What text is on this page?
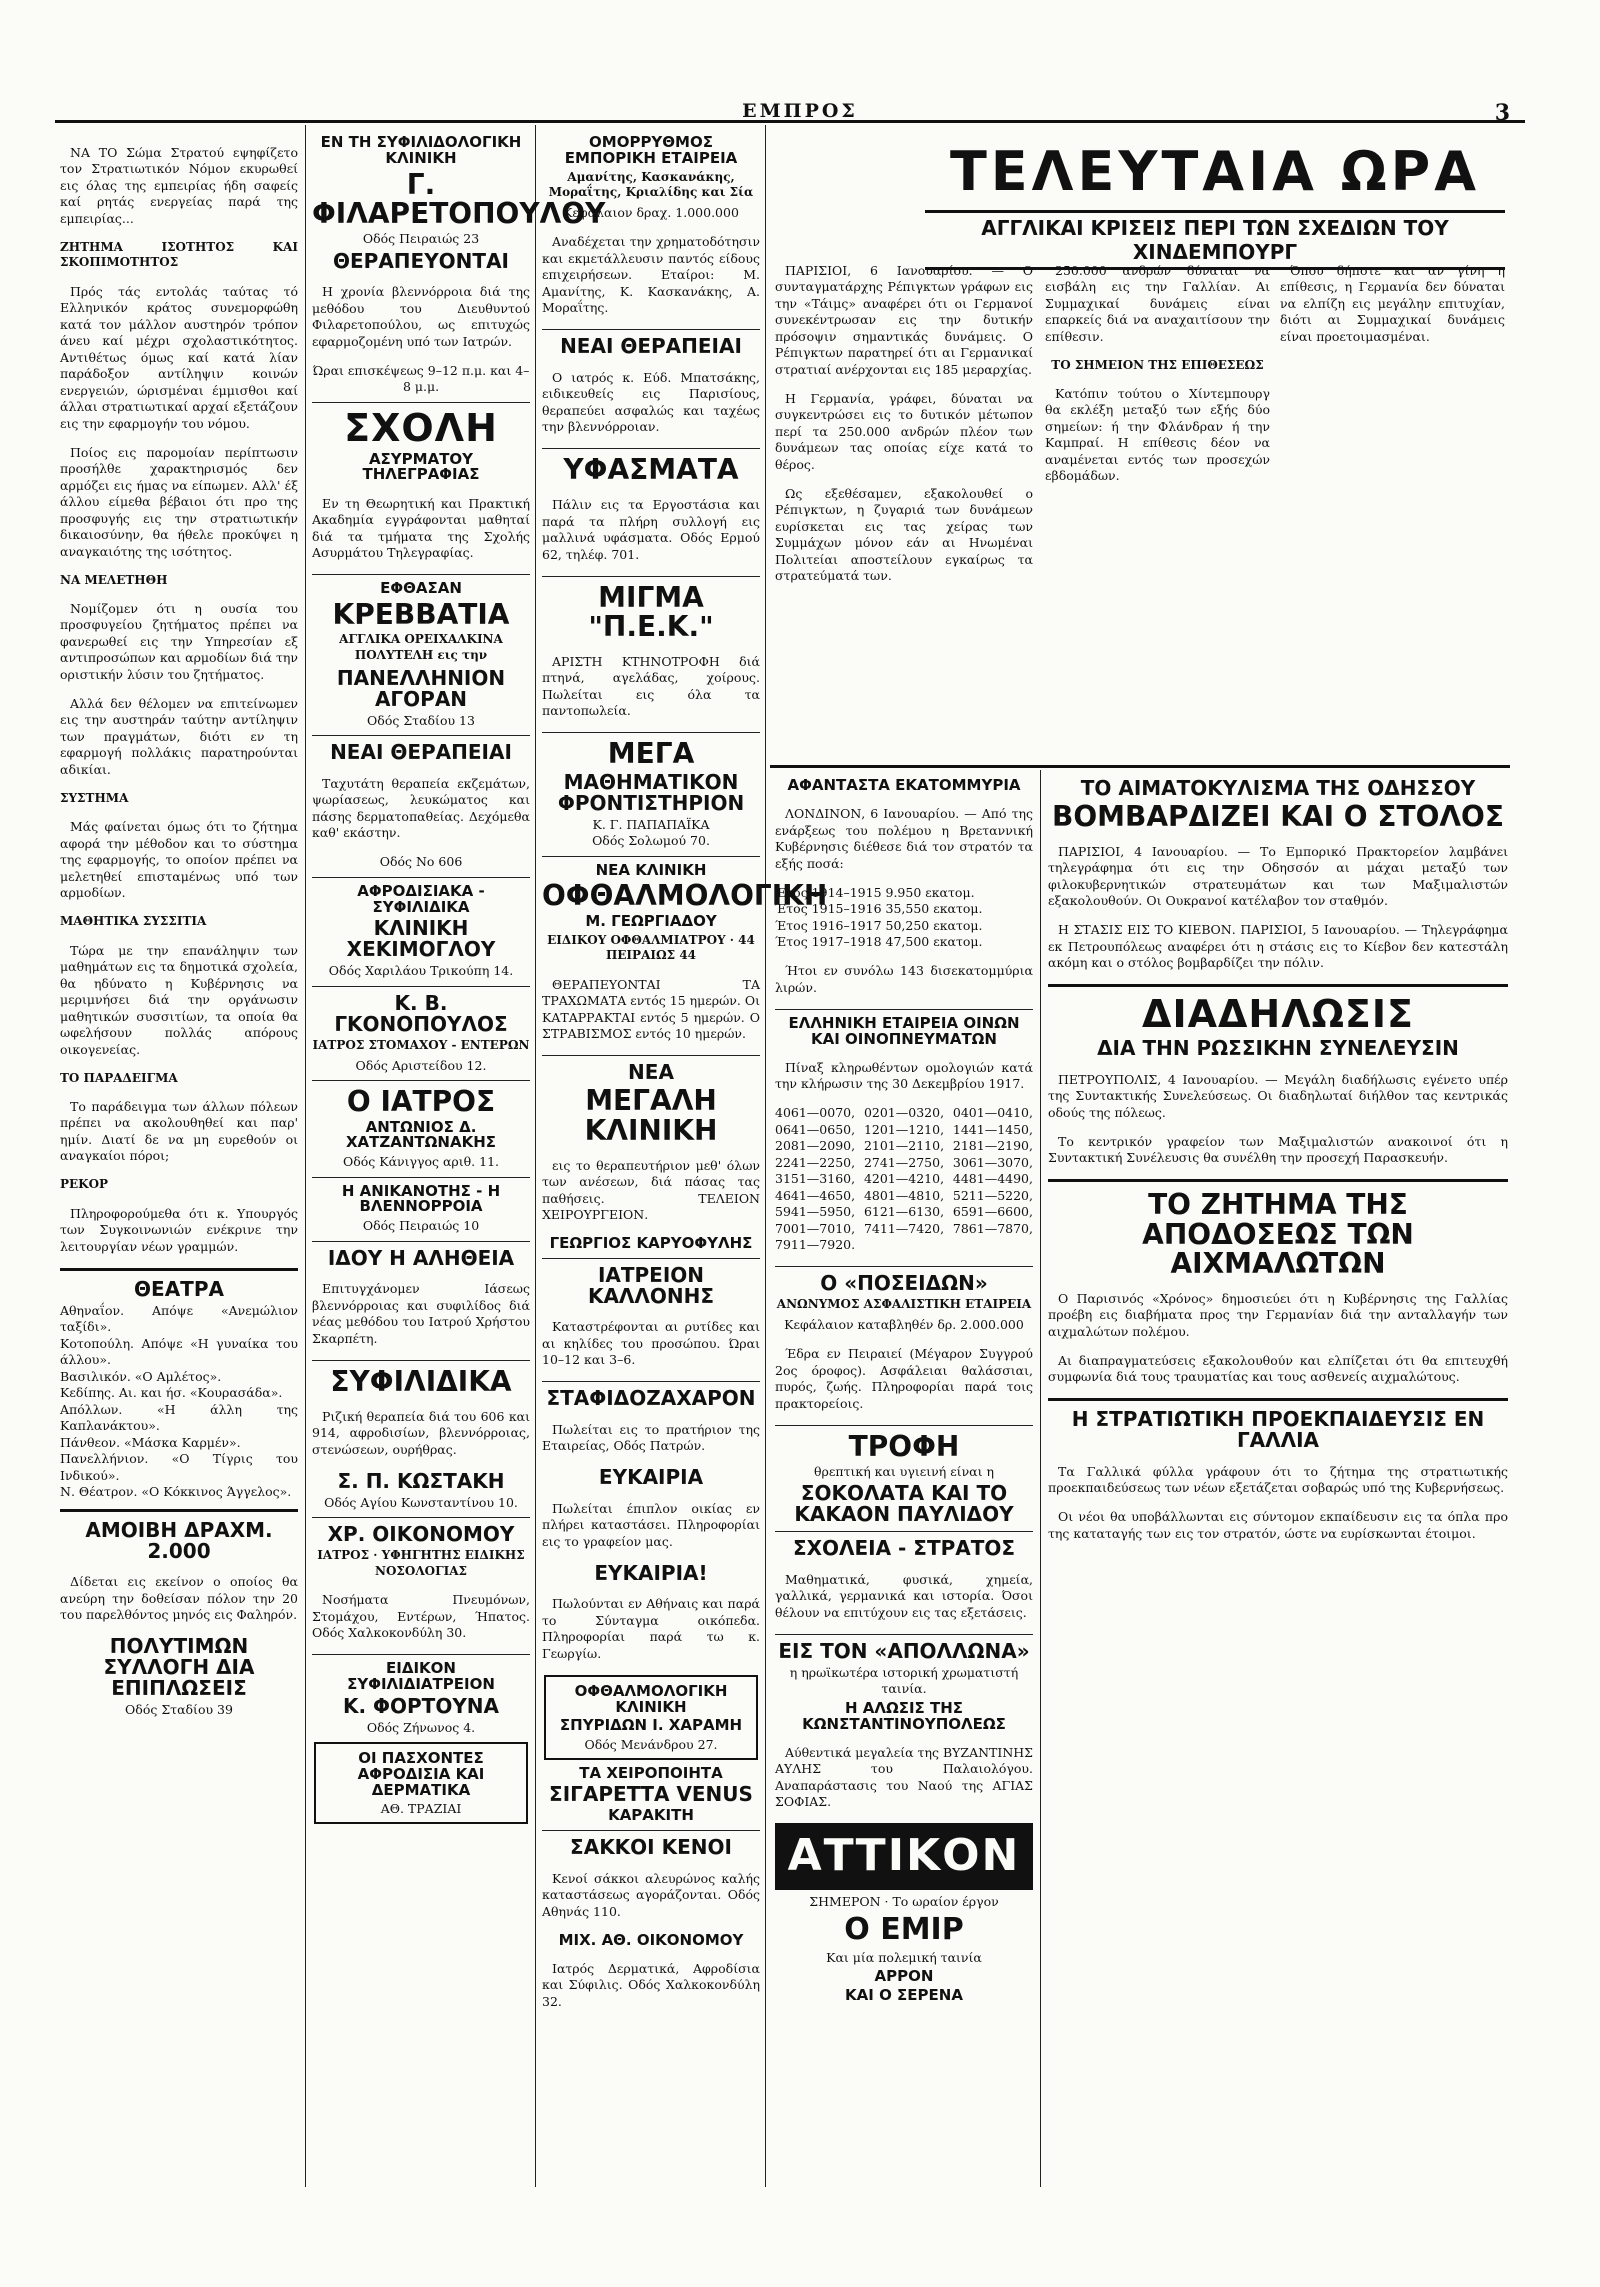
ΕΜΠΡΟΣ	3

ΝΑ ΤΟ Σώμα Στρατού εψηφίζετο τον Στρατιωτικόν Νόμον εκυρωθεί εις όλας της εμπειρίας ήδη σαφείς καί ρητάς ενεργείας παρά της εμπειρίας...

ΖΗΤΗΜΑ ΙΣΟΤΗΤΟΣ ΚΑΙ ΣΚΟΠΙΜΟΤΗΤΟΣ

Πρός τάς εντολάς ταύτας τό Ελληνικόν κράτος συνεμορφώθη κατά τον μάλλον αυστηρόν τρόπον άνευ καί μέχρι σχολαστικότητος. Αντιθέτως όμως καί κατά λίαν παράδοξον αντίληψιν κοινών ενεργειών, ώρισμέναι έμμισθοι καί άλλαι στρατιωτικαί αρχαί εξετάζουν εις την εφαρμογήν του νόμου.

Ποίος εις παρομοίαν περίπτωσιν προσήλθε χαρακτηρισμός δεν αρμόζει εις ήμας να είπωμεν. Αλλ' έξ άλλου είμεθα βέβαιοι ότι προ της προσφυγής εις την στρατιωτικήν δικαιοσύνην, θα ήθελε προκύψει η αναγκαιότης της ισότητος.

ΝΑ ΜΕΛΕΤΗΘΗ

Νομίζομεν ότι η ουσία του προσφυγείου ζητήματος πρέπει να φανερωθεί εις την Υπηρεσίαν εξ αντιπροσώπων και αρμοδίων διά την οριστικήν λύσιν του ζητήματος.

Αλλά δεν θέλομεν να επιτείνωμεν εις την αυστηράν ταύτην αντίληψιν των πραγμάτων, διότι εν τη εφαρμογή πολλάκις παρατηρούνται αδικίαι.

ΣΥΣΤΗΜΑ

Μάς φαίνεται όμως ότι το ζήτημα αφορά την μέθοδον και το σύστημα της εφαρμογής, το οποίον πρέπει να μελετηθεί επισταμένως υπό των αρμοδίων.

ΜΑΘΗΤΙΚΑ ΣΥΣΣΙΤΙΑ

Τώρα με την επανάληψιν των μαθημάτων εις τα δημοτικά σχολεία, θα ηδύνατο η Κυβέρνησις να μεριμνήσει διά την οργάνωσιν μαθητικών συσσιτίων, τα οποία θα ωφελήσουν πολλάς απόρους οικογενείας.

ΤΟ ΠΑΡΑΔΕΙΓΜΑ

Το παράδειγμα των άλλων πόλεων πρέπει να ακολουθηθεί και παρ' ημίν. Διατί δε να μη ευρεθούν οι αναγκαίοι πόροι;

ΡΕΚΟΡ

Πληροφορούμεθα ότι κ. Υπουργός των Συγκοινωνιών ενέκρινε την λειτουργίαν νέων γραμμών.

ΘΕΑΤΡΑ

Αθηναΐον. Απόψε «Ανεμώλιον ταξίδι».

Κοτοπούλη. Απόψε «Η γυναίκα του άλλου».

Βασιλικόν. «Ο Αμλέτος».

Κεδίπης. Αι. και ήσ. «Κουρασάδα».

Απόλλων. «Η άλλη της Καπλανάκτου».

Πάνθεον. «Μάσκα Καρμέν».

Πανελλήνιον. «Ο Τίγρις του Ινδικού».

Ν. Θέατρον. «Ο Κόκκινος Άγγελος».

ΑΜΟΙΒΗ ΔΡΑΧΜ. 2.000

Δίδεται εις εκείνον ο οποίος θα ανεύρη την δοθείσαν πόλον την 20 του παρελθόντος μηνός εις Φαληρόν.

ΠΟΛΥΤΙΜΩΝ ΣΥΛΛΟΓΗ ΔΙΑ ΕΠΙΠΛΩΣΕΙΣ
Οδός Σταδίου 39
ΕΝ ΤΗ ΣΥΦΙΛΙΔΟΛΟΓΙΚΗ ΚΛΙΝΙΚΗ
Γ. ΦΙΛΑΡΕΤΟΠΟΥΛΟΥ
Οδός Πειραιώς 23
ΘΕΡΑΠΕΥΟΝΤΑΙ

Η χρονία βλεννόρροια διά της μεθόδου του Διευθυντού Φιλαρετοπούλου, ως επιτυχώς εφαρμοζομένη υπό των Ιατρών.

Ώραι επισκέψεως 9–12 π.μ. και 4–8 μ.μ.
ΣΧΟΛΗ
ΑΣΥΡΜΑΤΟΥ ΤΗΛΕΓΡΑΦΙΑΣ

Εν τη Θεωρητική και Πρακτική Ακαδημία εγγράφονται μαθηταί διά τα τμήματα της Σχολής Ασυρμάτου Τηλεγραφίας.

ΕΦΘΑΣΑΝ
ΚΡΕΒΒΑΤΙΑ
ΑΓΓΛΙΚΑ ΟΡΕΙΧΑΛΚΙΝΑ ΠΟΛΥΤΕΛΗ εις την
ΠΑΝΕΛΛΗΝΙΟΝ ΑΓΟΡΑΝ
Οδός Σταδίου 13
ΝΕΑΙ ΘΕΡΑΠΕΙΑΙ

Ταχυτάτη θεραπεία εκζεμάτων, ψωρίασεως, λευκώματος και πάσης δερματοπαθείας. Δεχόμεθα καθ' εκάστην.

Οδός Νο 606
ΑΦΡΟΔΙΣΙΑΚΑ - ΣΥΦΙΛΙΔΙΚΑ
ΚΛΙΝΙΚΗ ΧΕΚΙΜΟΓΛΟΥ
Οδός Χαριλάου Τρικούπη 14.
Κ. Β. ΓΚΟΝΟΠΟΥΛΟΣ
ΙΑΤΡΟΣ ΣΤΟΜΑΧΟΥ - ΕΝΤΕΡΩΝ
Οδός Αριστείδου 12.
Ο ΙΑΤΡΟΣ
ΑΝΤΩΝΙΟΣ Δ. ΧΑΤΖΑΝΤΩΝΑΚΗΣ
Οδός Κάνιγγος αριθ. 11.
Η ΑΝΙΚΑΝΟΤΗΣ - Η ΒΛΕΝΝΟΡΡΟΙΑ
Οδός Πειραιώς 10
ΙΔΟΥ Η ΑΛΗΘΕΙΑ

Επιτυγχάνομεν Ιάσεως βλεννόρροιας και συφιλίδος διά νέας μεθόδου του Ιατρού Χρήστου Σκαρπέτη.

ΣΥΦΙΛΙΔΙΚΑ

Ριζική θεραπεία διά του 606 και 914, αφροδισίων, βλεννόρροιας, στενώσεων, ουρήθρας.

Σ. Π. ΚΩΣΤΑΚΗ
Οδός Αγίου Κωνσταντίνου 10.
ΧΡ. ΟΙΚΟΝΟΜΟΥ
ΙΑΤΡΟΣ · ΥΦΗΓΗΤΗΣ ΕΙΔΙΚΗΣ ΝΟΣΟΛΟΓΙΑΣ

Νοσήματα Πνευμόνων, Στομάχου, Εντέρων, Ήπατος. Οδός Χαλκοκονδύλη 30.

ΕΙΔΙΚΟΝ ΣΥΦΙΛΙΔΙΑΤΡΕΙΟΝ
Κ. ΦΟΡΤΟΥΝΑ
Οδός Ζήνωνος 4.
ΟΙ ΠΑΣΧΟΝΤΕΣ ΑΦΡΟΔΙΣΙΑ ΚΑΙ ΔΕΡΜΑΤΙΚΑ
ΑΘ. ΤΡΑΖΙΑΙ
ΟΜΟΡΡΥΘΜΟΣ ΕΜΠΟΡΙΚΗ ΕΤΑΙΡΕΙΑ
Αμανίτης, Κασκανάκης, Μοραΐτης, Κριαλίδης και Σία
Κεφάλαιον δραχ. 1.000.000

Αναδέχεται την χρηματοδότησιν και εκμετάλλευσιν παντός είδους επιχειρήσεων. Εταίροι: Μ. Αμανίτης, Κ. Κασκανάκης, Α. Μοραΐτης.

ΝΕΑΙ ΘΕΡΑΠΕΙΑΙ

Ο ιατρός κ. Εύδ. Μπατσάκης, ειδικευθείς εις Παρισίους, θεραπεύει ασφαλώς και ταχέως την βλεννόρροιαν.

ΥΦΑΣΜΑΤΑ

Πάλιν εις τα Εργοστάσια και παρά τα πλήρη συλλογή εις μαλλινά υφάσματα. Οδός Ερμού 62, τηλέφ. 701.

ΜΙΓΜΑ "Π.Ε.Κ."

ΑΡΙΣΤΗ ΚΤΗΝΟΤΡΟΦΗ διά πτηνά, αγελάδας, χοίρους. Πωλείται εις όλα τα παντοπωλεία.

ΜΕΓΑ
ΜΑΘΗΜΑΤΙΚΟΝ ΦΡΟΝΤΙΣΤΗΡΙΟΝ
Κ. Γ. ΠΑΠΑΠΑΪΚΑ
Οδός Σολωμού 70.
ΝΕΑ ΚΛΙΝΙΚΗ
ΟΦΘΑΛΜΟΛΟΓΙΚΗ
Μ. ΓΕΩΡΓΙΑΔΟΥ
ΕΙΔΙΚΟΥ ΟΦΘΑΛΜΙΑΤΡΟΥ · 44 ΠΕΙΡΑΙΩΣ 44

ΘΕΡΑΠΕΥΟΝΤΑΙ ΤΑ ΤΡΑΧΩΜΑΤΑ εντός 15 ημερών. Οι ΚΑΤΑΡΡΑΚΤΑΙ εντός 5 ημερών. Ο ΣΤΡΑΒΙΣΜΟΣ εντός 10 ημερών.

ΝΕΑ
ΜΕΓΑΛΗ ΚΛΙΝΙΚΗ

εις το θεραπευτήριον μεθ' όλων των ανέσεων, διά πάσας τας παθήσεις. ΤΕΛΕΙΟΝ ΧΕΙΡΟΥΡΓΕΙΟΝ.

ΓΕΩΡΓΙΟΣ ΚΑΡΥΟΦΥΛΗΣ
ΙΑΤΡΕΙΟΝ ΚΑΛΛΟΝΗΣ

Καταστρέφονται αι ρυτίδες και αι κηλίδες του προσώπου. Ώραι 10–12 και 3–6.

ΣΤΑΦΙΔΟΖΑΧΑΡΟΝ

Πωλείται εις το πρατήριον της Εταιρείας, Οδός Πατρών.

ΕΥΚΑΙΡΙΑ

Πωλείται έπιπλον οικίας εν πλήρει καταστάσει. Πληροφορίαι εις το γραφείον μας.

ΕΥΚΑΙΡΙΑ!

Πωλούνται εν Αθήναις και παρά το Σύνταγμα οικόπεδα. Πληροφορίαι παρά τω κ. Γεωργίω.

ΟΦΘΑΛΜΟΛΟΓΙΚΗ ΚΛΙΝΙΚΗ
ΣΠΥΡΙΔΩΝ Ι. ΧΑΡΑΜΗ
Οδός Μενάνδρου 27.
ΤΑ ΧΕΙΡΟΠΟΙΗΤΑ
ΣΙΓΑΡΕΤΤΑ VENUS
ΚΑΡΑΚΙΤΗ
ΣΑΚΚΟΙ ΚΕΝΟΙ

Κενοί σάκκοι αλευρώνος καλής καταστάσεως αγοράζονται. Οδός Αθηνάς 110.

ΜΙΧ. ΑΘ. ΟΙΚΟΝΟΜΟΥ

Ιατρός Δερματικά, Αφροδίσια και Σύφιλις. Οδός Χαλκοκονδύλη 32.

ΤΕΛΕΥΤΑΙΑ ΩΡΑ
ΑΓΓΛΙΚΑΙ ΚΡΙΣΕΙΣ ΠΕΡΙ ΤΩΝ ΣΧΕΔΙΩΝ ΤΟΥ ΧΙΝΔΕΜΠΟΥΡΓ

ΠΑΡΙΣΙΟΙ, 6 Ιανουαρίου. — Ο συνταγματάρχης Ρέπιγκτων γράφων εις την «Τάιμς» αναφέρει ότι οι Γερμανοί συνεκέντρωσαν εις την δυτικήν πρόσοψιν σημαντικάς δυνάμεις. Ο Ρέπιγκτων παρατηρεί ότι αι Γερμανικαί στρατιαί ανέρχονται εις 185 μεραρχίας.

Η Γερμανία, γράφει, δύναται να συγκεντρώσει εις το δυτικόν μέτωπον περί τα 250.000 ανδρών πλέον των δυνάμεων τας οποίας είχε κατά το θέρος.

Ως εξεθέσαμεν, εξακολουθεί ο Ρέπιγκτων, η ζυγαριά των δυνάμεων ευρίσκεται εις τας χείρας των Συμμάχων μόνον εάν αι Ηνωμέναι Πολιτείαι αποστείλουν εγκαίρως τα στρατεύματά των.

250.000 ανδρών δύναται να εισβάλη εις την Γαλλίαν. Αι Συμμαχικαί δυνάμεις είναι επαρκείς διά να αναχαιτίσουν την επίθεσιν.

ΤΟ ΣΗΜΕΙΟΝ ΤΗΣ ΕΠΙΘΕΣΕΩΣ

Κατόπιν τούτου ο Χίντεμπουργ θα εκλέξη μεταξύ των εξής δύο σημείων: ή την Φλάνδραν ή την Καμπραί. Η επίθεσις δέον να αναμένεται εντός των προσεχών εβδομάδων.

Όπου δήποτε και αν γίνη η επίθεσις, η Γερμανία δεν δύναται να ελπίζη εις μεγάλην επιτυχίαν, διότι αι Συμμαχικαί δυνάμεις είναι προετοιμασμέναι.

ΑΦΑΝΤΑΣΤΑ ΕΚΑΤΟΜΜΥΡΙΑ

ΛΟΝΔΙΝΟΝ, 6 Ιανουαρίου. — Από της ενάρξεως του πολέμου η Βρεταννική Κυβέρνησις διέθεσε διά τον στρατόν τα εξής ποσά:

Έτος 1914–1915 9.950 εκατομ.

Έτος 1915–1916 35,550 εκατομ.

Έτος 1916–1917 50,250 εκατομ.

Έτος 1917–1918 47,500 εκατομ.

Ήτοι εν συνόλω 143 δισεκατομμύρια λιρών.

ΕΛΛΗΝΙΚΗ ΕΤΑΙΡΕΙΑ ΟΙΝΩΝ ΚΑΙ ΟΙΝΟΠΝΕΥΜΑΤΩΝ

Πίναξ κληρωθέντων ομολογιών κατά την κλήρωσιν της 30 Δεκεμβρίου 1917.

4061—0070, 0201—0320, 0401—0410, 0641—0650, 1201—1210, 1441—1450, 2081—2090, 2101—2110, 2181—2190, 2241—2250, 2741—2750, 3061—3070, 3151—3160, 4201—4210, 4481—4490, 4641—4650, 4801—4810, 5211—5220, 5941—5950, 6121—6130, 6591—6600, 7001—7010, 7411—7420, 7861—7870, 7911—7920.

Ο «ΠΟΣΕΙΔΩΝ»
ΑΝΩΝΥΜΟΣ ΑΣΦΑΛΙΣΤΙΚΗ ΕΤΑΙΡΕΙΑ
Κεφάλαιον καταβληθέν δρ. 2.000.000

Έδρα εν Πειραιεί (Μέγαρον Συγγρού 2ος όροφος). Ασφάλειαι θαλάσσιαι, πυρός, ζωής. Πληροφορίαι παρά τοις πρακτορείοις.

ΤΡΟΦΗ
θρεπτική και υγιεινή είναι η
ΣΟΚΟΛΑΤΑ ΚΑΙ ΤΟ ΚΑΚΑΟΝ ΠΑΥΛΙΔΟΥ
ΣΧΟΛΕΙΑ - ΣΤΡΑΤΟΣ

Μαθηματικά, φυσικά, χημεία, γαλλικά, γερμανικά και ιστορία. Όσοι θέλουν να επιτύχουν εις τας εξετάσεις.

ΕΙΣ ΤΟΝ «ΑΠΟΛΛΩΝΑ»
η ηρωϊκωτέρα ιστορική χρωματιστή ταινία.
Η ΑΛΩΣΙΣ ΤΗΣ ΚΩΝΣΤΑΝΤΙΝΟΥΠΟΛΕΩΣ

Αύθεντικά μεγαλεία της ΒΥΖΑΝΤΙΝΗΣ ΑΥΛΗΣ του Παλαιολόγου. Αναπαράστασις του Ναού της ΑΓΙΑΣ ΣΟΦΙΑΣ.

ΑΤΤΙΚΟΝ
ΣΗΜΕΡΟΝ · Το ωραίον έργον
Ο ΕΜΙΡ
Και μία πολεμική ταινία
ΑΡΡΟΝ
ΚΑΙ Ο ΣΕΡΕΝΑ
ΤΟ ΑΙΜΑΤΟΚΥΛΙΣΜΑ ΤΗΣ ΟΔΗΣΣΟΥ
ΒΟΜΒΑΡΔΙΖΕΙ ΚΑΙ Ο ΣΤΟΛΟΣ

ΠΑΡΙΣΙΟΙ, 4 Ιανουαρίου. — Το Εμπορικό Πρακτορείον λαμβάνει τηλεγράφημα ότι εις την Οδησσόν αι μάχαι μεταξύ των φιλοκυβερνητικών στρατευμάτων και των Μαξιμαλιστών εξακολουθούν. Οι Ουκρανοί κατέλαβον τον σταθμόν.

Η ΣΤΑΣΙΣ ΕΙΣ ΤΟ ΚΙΕΒΟΝ. ΠΑΡΙΣΙΟΙ, 5 Ιανουαρίου. — Τηλεγράφημα εκ Πετρουπόλεως αναφέρει ότι η στάσις εις το Κίεβον δεν κατεστάλη ακόμη και ο στόλος βομβαρδίζει την πόλιν.

ΔΙΑΔΗΛΩΣΙΣ
ΔΙΑ ΤΗΝ ΡΩΣΣΙΚΗΝ ΣΥΝΕΛΕΥΣΙΝ

ΠΕΤΡΟΥΠΟΛΙΣ, 4 Ιανουαρίου. — Μεγάλη διαδήλωσις εγένετο υπέρ της Συντακτικής Συνελεύσεως. Οι διαδηλωταί διήλθον τας κεντρικάς οδούς της πόλεως.

Το κεντρικόν γραφείον των Μαξιμαλιστών ανακοινοί ότι η Συντακτική Συνέλευσις θα συνέλθη την προσεχή Παρασκευήν.

ΤΟ ΖΗΤΗΜΑ ΤΗΣ ΑΠΟΔΟΣΕΩΣ ΤΩΝ ΑΙΧΜΑΛΩΤΩΝ

Ο Παρισινός «Χρόνος» δημοσιεύει ότι η Κυβέρνησις της Γαλλίας προέβη εις διαβήματα προς την Γερμανίαν διά την ανταλλαγήν των αιχμαλώτων πολέμου.

Αι διαπραγματεύσεις εξακολουθούν και ελπίζεται ότι θα επιτευχθή συμφωνία διά τους τραυματίας και τους ασθενείς αιχμαλώτους.

Η ΣΤΡΑΤΙΩΤΙΚΗ ΠΡΟΕΚΠΑΙΔΕΥΣΙΣ ΕΝ ΓΑΛΛΙΑ

Τα Γαλλικά φύλλα γράφουν ότι το ζήτημα της στρατιωτικής προεκπαιδεύσεως των νέων εξετάζεται σοβαρώς υπό της Κυβερνήσεως.

Οι νέοι θα υποβάλλωνται εις σύντομον εκπαίδευσιν εις τα όπλα προ της καταταγής των εις τον στρατόν, ώστε να ευρίσκωνται έτοιμοι.
